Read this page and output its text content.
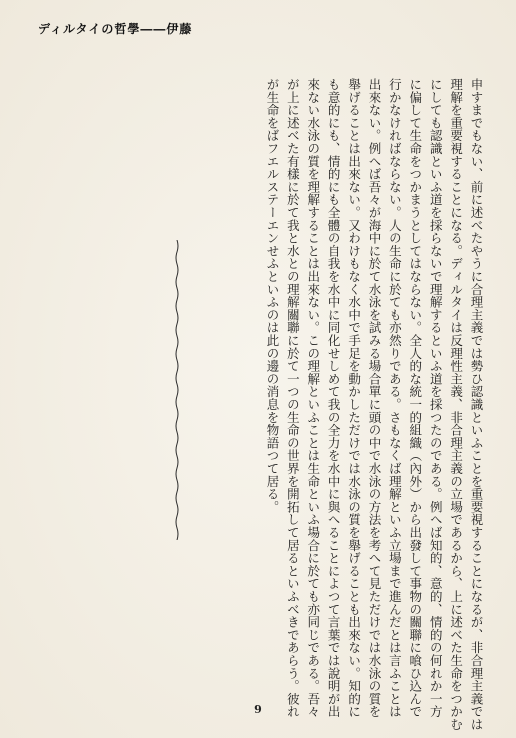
ディルタイの哲學――伊藤
申すまでもない、前に述べたやうに合理主義では勢ひ認識といふことを重要視することになるが、非合理主義では
理解を重要視することになる。ディルタイは反理性主義、非合理主義の立場であるから、上に述べた生命をつかむ
にしても認識といふ道を採らないで理解するといふ道を採つたのである。例へば知的、意的、情的の何れか一方
に偏して生命をつかまうとしてはならない。全人的な統一的組織（內外）から出發して事物の關聯に喰ひ込んで
行かなければならない。人の生命に於ても亦然りである。さもなくば理解といふ立場まで進んだとは言ふことは
出來ない。例へば吾々が海中に於て水泳を試みる場合單に頭の中で水泳の方法を考へて見ただけでは水泳の質を
舉げることは出來ない。又わけもなく水中で手足を動かしただけでは水泳の質を舉げることも出來ない。知的に
も意的にも、情的にも全體の自我を水中に同化せしめて我の全力を水中に與へることによつて言葉では說明が出
來ない水泳の質を理解することは出來ない。この理解といふことは生命といふ場合に於ても亦同じである。吾々
が上に述べた有樣に於て我と水との理解關聯に於て一つの生命の世界を開拓して居るといふべきであらう。彼れ
が生命をばフエルステーエンせふといふのは此の邊の消息を物語つて居る。
9
